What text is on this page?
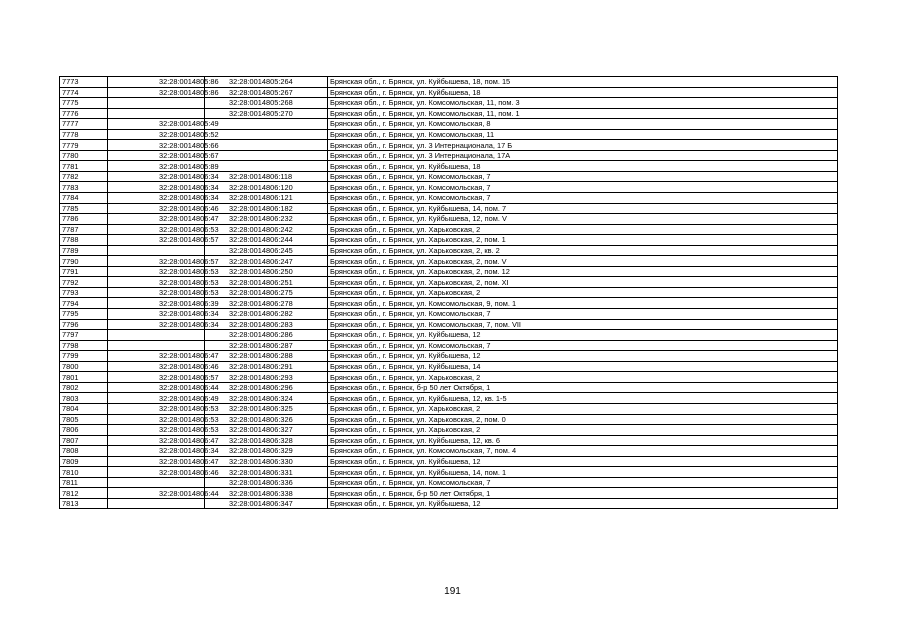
7773	32:28:0014805:86	32:28:0014805:264	Брянская обл., г. Брянск, ул. Куйбышева, 18, пом. 15
7774	32:28:0014805:86	32:28:0014805:267	Брянская обл., г. Брянск, ул. Куйбышева, 18
7775		32:28:0014805:268	Брянская обл., г. Брянск, ул. Комсомольская, 11, пом. 3
7776		32:28:0014805:270	Брянская обл., г. Брянск, ул. Комсомольская, 11, пом. 1
7777	32:28:0014805:49		Брянская обл., г. Брянск, ул. Комсомольская, 8
7778	32:28:0014805:52		Брянская обл., г. Брянск, ул. Комсомольская, 11
7779	32:28:0014805:66		Брянская обл., г. Брянск, ул. 3 Интернационала, 17 Б
7780	32:28:0014805:67		Брянская обл., г. Брянск, ул. 3 Интернационала, 17А
7781	32:28:0014805:89		Брянская обл., г. Брянск, ул. Куйбышева, 18
7782	32:28:0014806:34	32:28:0014806:118	Брянская обл., г. Брянск, ул. Комсомольская, 7
7783	32:28:0014806:34	32:28:0014806:120	Брянская обл., г. Брянск, ул. Комсомольская, 7
7784	32:28:0014806:34	32:28:0014806:121	Брянская обл., г. Брянск, ул. Комсомольская, 7
7785	32:28:0014806:46	32:28:0014806:182	Брянская обл., г. Брянск, ул. Куйбышева, 14, пом. 7
7786	32:28:0014806:47	32:28:0014806:232	Брянская обл., г. Брянск, ул. Куйбышева, 12, пом. V
7787	32:28:0014806:53	32:28:0014806:242	Брянская обл., г. Брянск, ул. Харьковская, 2
7788	32:28:0014806:57	32:28:0014806:244	Брянская обл., г. Брянск, ул. Харьковская, 2, пом. 1
7789		32:28:0014806:245	Брянская обл., г. Брянск, ул. Харьковская, 2, кв. 2
7790	32:28:0014806:57	32:28:0014806:247	Брянская обл., г. Брянск, ул. Харьковская, 2, пом. V
7791	32:28:0014806:53	32:28:0014806:250	Брянская обл., г. Брянск, ул. Харьковская, 2, пом. 12
7792	32:28:0014806:53	32:28:0014806:251	Брянская обл., г. Брянск, ул. Харьковская, 2, пом. XI
7793	32:28:0014806:53	32:28:0014806:275	Брянская обл., г. Брянск, ул. Харьковская, 2
7794	32:28:0014806:39	32:28:0014806:278	Брянская обл., г. Брянск, ул. Комсомольская, 9, пом. 1
7795	32:28:0014806:34	32:28:0014806:282	Брянская обл., г. Брянск, ул. Комсомольская, 7
7796	32:28:0014806:34	32:28:0014806:283	Брянская обл., г. Брянск, ул. Комсомольская, 7, пом. VII
7797		32:28:0014806:286	Брянская обл., г. Брянск, ул. Куйбышева, 12
7798		32:28:0014806:287	Брянская обл., г. Брянск, ул. Комсомольская, 7
7799	32:28:0014806:47	32:28:0014806:288	Брянская обл., г. Брянск, ул. Куйбышева, 12
7800	32:28:0014806:46	32:28:0014806:291	Брянская обл., г. Брянск, ул. Куйбышева, 14
7801	32:28:0014806:57	32:28:0014806:293	Брянская обл., г. Брянск, ул. Харьковская, 2
7802	32:28:0014806:44	32:28:0014806:296	Брянская обл., г. Брянск, б-р 50 лет Октября, 1
7803	32:28:0014806:49	32:28:0014806:324	Брянская обл., г. Брянск, ул. Куйбышева, 12, кв. 1-5
7804	32:28:0014806:53	32:28:0014806:325	Брянская обл., г. Брянск, ул. Харьковская, 2
7805	32:28:0014806:53	32:28:0014806:326	Брянская обл., г. Брянск, ул. Харьковская, 2, пом. 0
7806	32:28:0014806:53	32:28:0014806:327	Брянская обл., г. Брянск, ул. Харьковская, 2
7807	32:28:0014806:47	32:28:0014806:328	Брянская обл., г. Брянск, ул. Куйбышева, 12, кв. 6
7808	32:28:0014806:34	32:28:0014806:329	Брянская обл., г. Брянск, ул. Комсомольская, 7, пом. 4
7809	32:28:0014806:47	32:28:0014806:330	Брянская обл., г. Брянск, ул. Куйбышева, 12
7810	32:28:0014806:46	32:28:0014806:331	Брянская обл., г. Брянск, ул. Куйбышева, 14, пом. 1
7811		32:28:0014806:336	Брянская обл., г. Брянск, ул. Комсомольская, 7
7812	32:28:0014806:44	32:28:0014806:338	Брянская обл., г. Брянск, б-р 50 лет Октября, 1
7813		32:28:0014806:347	Брянская обл., г. Брянск, ул. Куйбышева, 12
191
